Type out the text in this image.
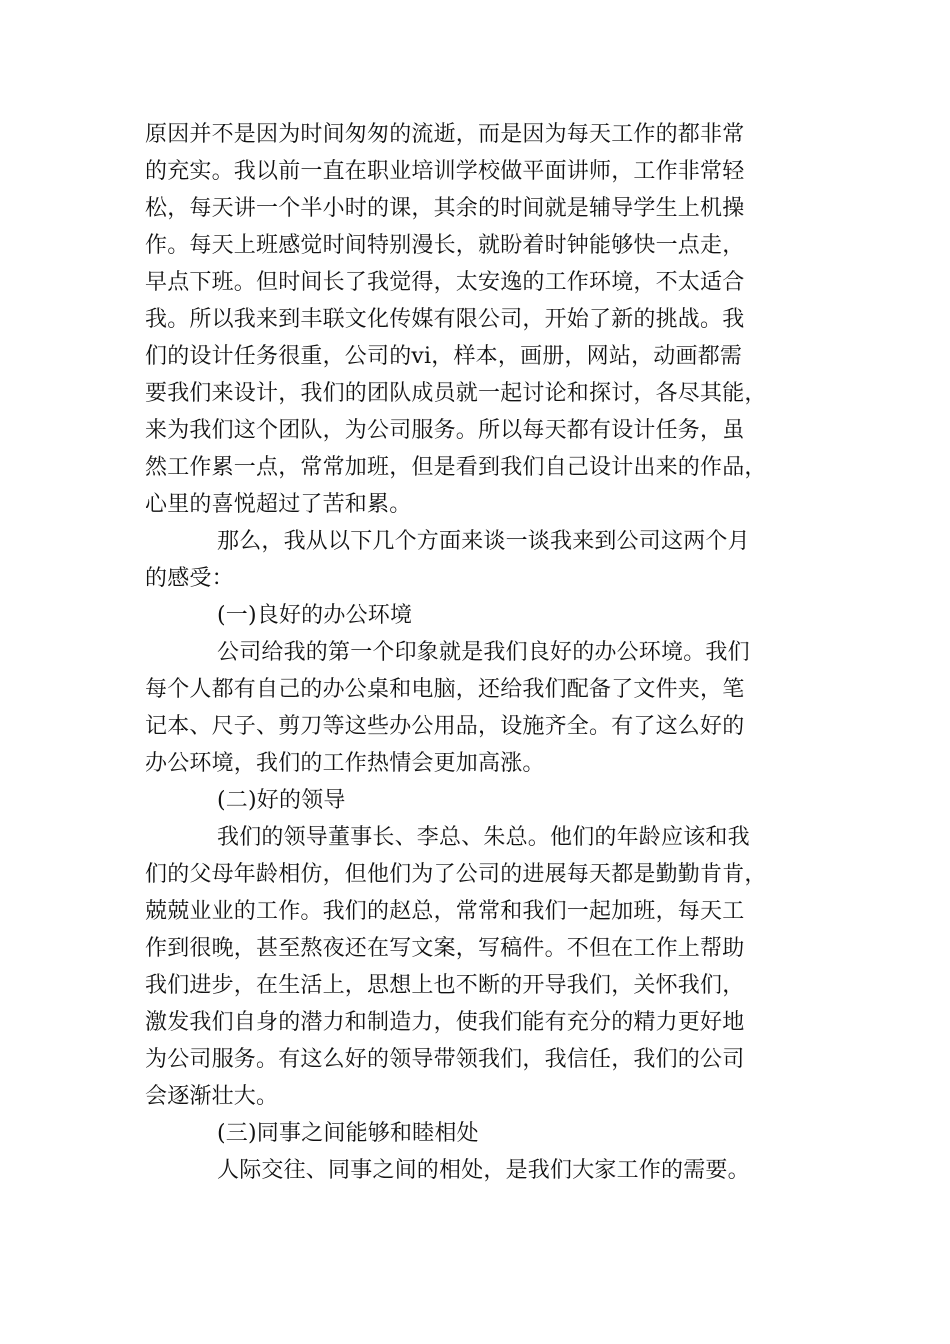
原因并不是因为时间匆匆的流逝，而是因为每天工作的都非常
的充实。我以前一直在职业培训学校做平面讲师，工作非常轻
松，每天讲一个半小时的课，其余的时间就是辅导学生上机操
作。每天上班感觉时间特别漫长，就盼着时钟能够快一点走，
早点下班。但时间长了我觉得，太安逸的工作环境，不太适合
我。所以我来到丰联文化传媒有限公司，开始了新的挑战。我
们的设计任务很重，公司的vi，样本，画册，网站，动画都需
要我们来设计，我们的团队成员就一起讨论和探讨，各尽其能，
来为我们这个团队，为公司服务。所以每天都有设计任务，虽
然工作累一点，常常加班，但是看到我们自己设计出来的作品，
心里的喜悦超过了苦和累。
那么，我从以下几个方面来谈一谈我来到公司这两个月
的感受：

(一)良好的办公环境

公司给我的第一个印象就是我们良好的办公环境。我们
每个人都有自己的办公桌和电脑，还给我们配备了文件夹，笔
记本、尺子、剪刀等这些办公用品，设施齐全。有了这么好的
办公环境，我们的工作热情会更加高涨。

(二)好的领导

我们的领导董事长、李总、朱总。他们的年龄应该和我
们的父母年龄相仿，但他们为了公司的进展每天都是勤勤肯肯，
兢兢业业的工作。我们的赵总，常常和我们一起加班，每天工
作到很晚，甚至熬夜还在写文案，写稿件。不但在工作上帮助
我们进步，在生活上，思想上也不断的开导我们，关怀我们，
激发我们自身的潜力和制造力，使我们能有充分的精力更好地
为公司服务。有这么好的领导带领我们，我信任，我们的公司
会逐渐壮大。

(三)同事之间能够和睦相处

人际交往、同事之间的相处，是我们大家工作的需要。
